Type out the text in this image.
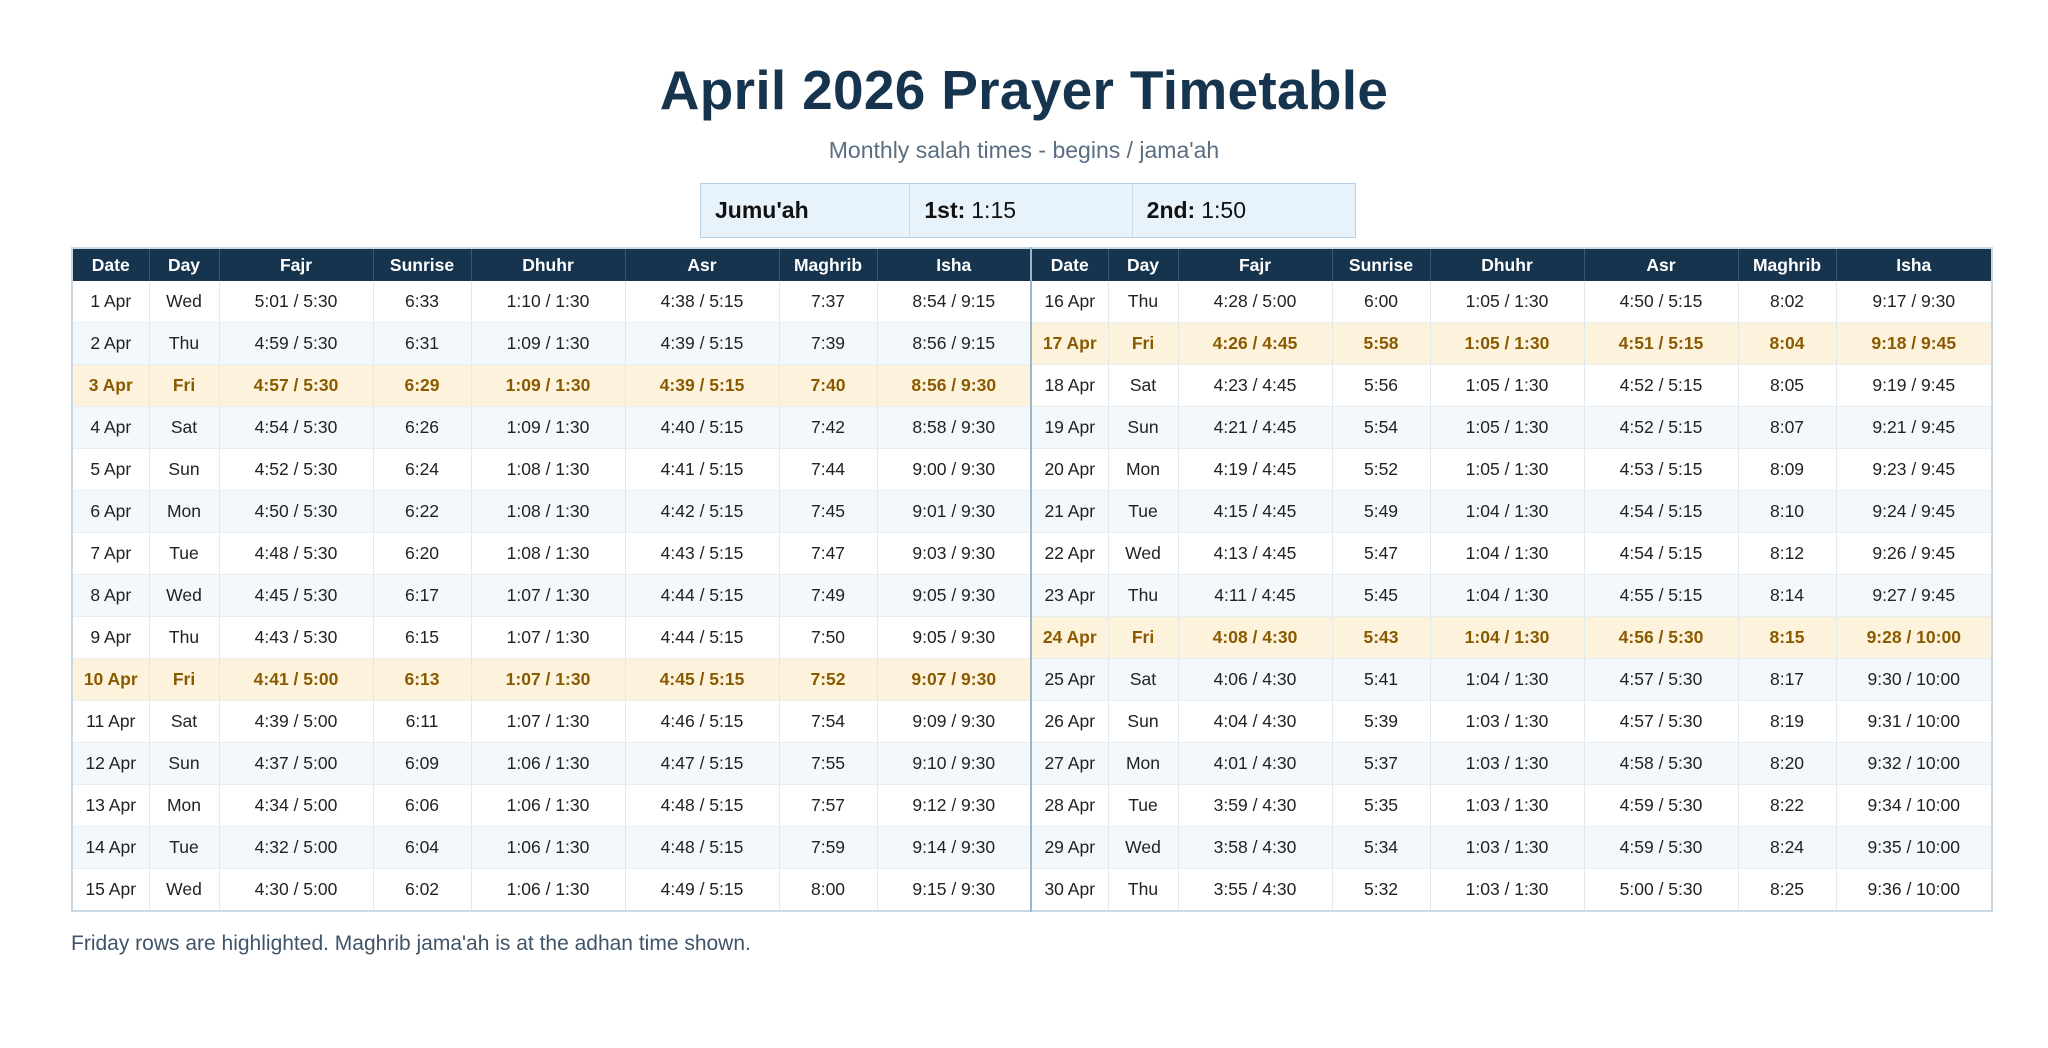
April 2026 Prayer Timetable
Monthly salah times - begins / jama'ah
Jumu'ah	1st: 1:15	2nd: 1:50
Date	Day	Fajr	Sunrise	Dhuhr	Asr	Maghrib	Isha	Date	Day	Fajr	Sunrise	Dhuhr	Asr	Maghrib	Isha
1 Apr	Wed	5:01 / 5:30	6:33	1:10 / 1:30	4:38 / 5:15	7:37	8:54 / 9:15	16 Apr	Thu	4:28 / 5:00	6:00	1:05 / 1:30	4:50 / 5:15	8:02	9:17 / 9:30
2 Apr	Thu	4:59 / 5:30	6:31	1:09 / 1:30	4:39 / 5:15	7:39	8:56 / 9:15	17 Apr	Fri	4:26 / 4:45	5:58	1:05 / 1:30	4:51 / 5:15	8:04	9:18 / 9:45
3 Apr	Fri	4:57 / 5:30	6:29	1:09 / 1:30	4:39 / 5:15	7:40	8:56 / 9:30	18 Apr	Sat	4:23 / 4:45	5:56	1:05 / 1:30	4:52 / 5:15	8:05	9:19 / 9:45
4 Apr	Sat	4:54 / 5:30	6:26	1:09 / 1:30	4:40 / 5:15	7:42	8:58 / 9:30	19 Apr	Sun	4:21 / 4:45	5:54	1:05 / 1:30	4:52 / 5:15	8:07	9:21 / 9:45
5 Apr	Sun	4:52 / 5:30	6:24	1:08 / 1:30	4:41 / 5:15	7:44	9:00 / 9:30	20 Apr	Mon	4:19 / 4:45	5:52	1:05 / 1:30	4:53 / 5:15	8:09	9:23 / 9:45
6 Apr	Mon	4:50 / 5:30	6:22	1:08 / 1:30	4:42 / 5:15	7:45	9:01 / 9:30	21 Apr	Tue	4:15 / 4:45	5:49	1:04 / 1:30	4:54 / 5:15	8:10	9:24 / 9:45
7 Apr	Tue	4:48 / 5:30	6:20	1:08 / 1:30	4:43 / 5:15	7:47	9:03 / 9:30	22 Apr	Wed	4:13 / 4:45	5:47	1:04 / 1:30	4:54 / 5:15	8:12	9:26 / 9:45
8 Apr	Wed	4:45 / 5:30	6:17	1:07 / 1:30	4:44 / 5:15	7:49	9:05 / 9:30	23 Apr	Thu	4:11 / 4:45	5:45	1:04 / 1:30	4:55 / 5:15	8:14	9:27 / 9:45
9 Apr	Thu	4:43 / 5:30	6:15	1:07 / 1:30	4:44 / 5:15	7:50	9:05 / 9:30	24 Apr	Fri	4:08 / 4:30	5:43	1:04 / 1:30	4:56 / 5:30	8:15	9:28 / 10:00
10 Apr	Fri	4:41 / 5:00	6:13	1:07 / 1:30	4:45 / 5:15	7:52	9:07 / 9:30	25 Apr	Sat	4:06 / 4:30	5:41	1:04 / 1:30	4:57 / 5:30	8:17	9:30 / 10:00
11 Apr	Sat	4:39 / 5:00	6:11	1:07 / 1:30	4:46 / 5:15	7:54	9:09 / 9:30	26 Apr	Sun	4:04 / 4:30	5:39	1:03 / 1:30	4:57 / 5:30	8:19	9:31 / 10:00
12 Apr	Sun	4:37 / 5:00	6:09	1:06 / 1:30	4:47 / 5:15	7:55	9:10 / 9:30	27 Apr	Mon	4:01 / 4:30	5:37	1:03 / 1:30	4:58 / 5:30	8:20	9:32 / 10:00
13 Apr	Mon	4:34 / 5:00	6:06	1:06 / 1:30	4:48 / 5:15	7:57	9:12 / 9:30	28 Apr	Tue	3:59 / 4:30	5:35	1:03 / 1:30	4:59 / 5:30	8:22	9:34 / 10:00
14 Apr	Tue	4:32 / 5:00	6:04	1:06 / 1:30	4:48 / 5:15	7:59	9:14 / 9:30	29 Apr	Wed	3:58 / 4:30	5:34	1:03 / 1:30	4:59 / 5:30	8:24	9:35 / 10:00
15 Apr	Wed	4:30 / 5:00	6:02	1:06 / 1:30	4:49 / 5:15	8:00	9:15 / 9:30	30 Apr	Thu	3:55 / 4:30	5:32	1:03 / 1:30	5:00 / 5:30	8:25	9:36 / 10:00
Friday rows are highlighted. Maghrib jama'ah is at the adhan time shown.
